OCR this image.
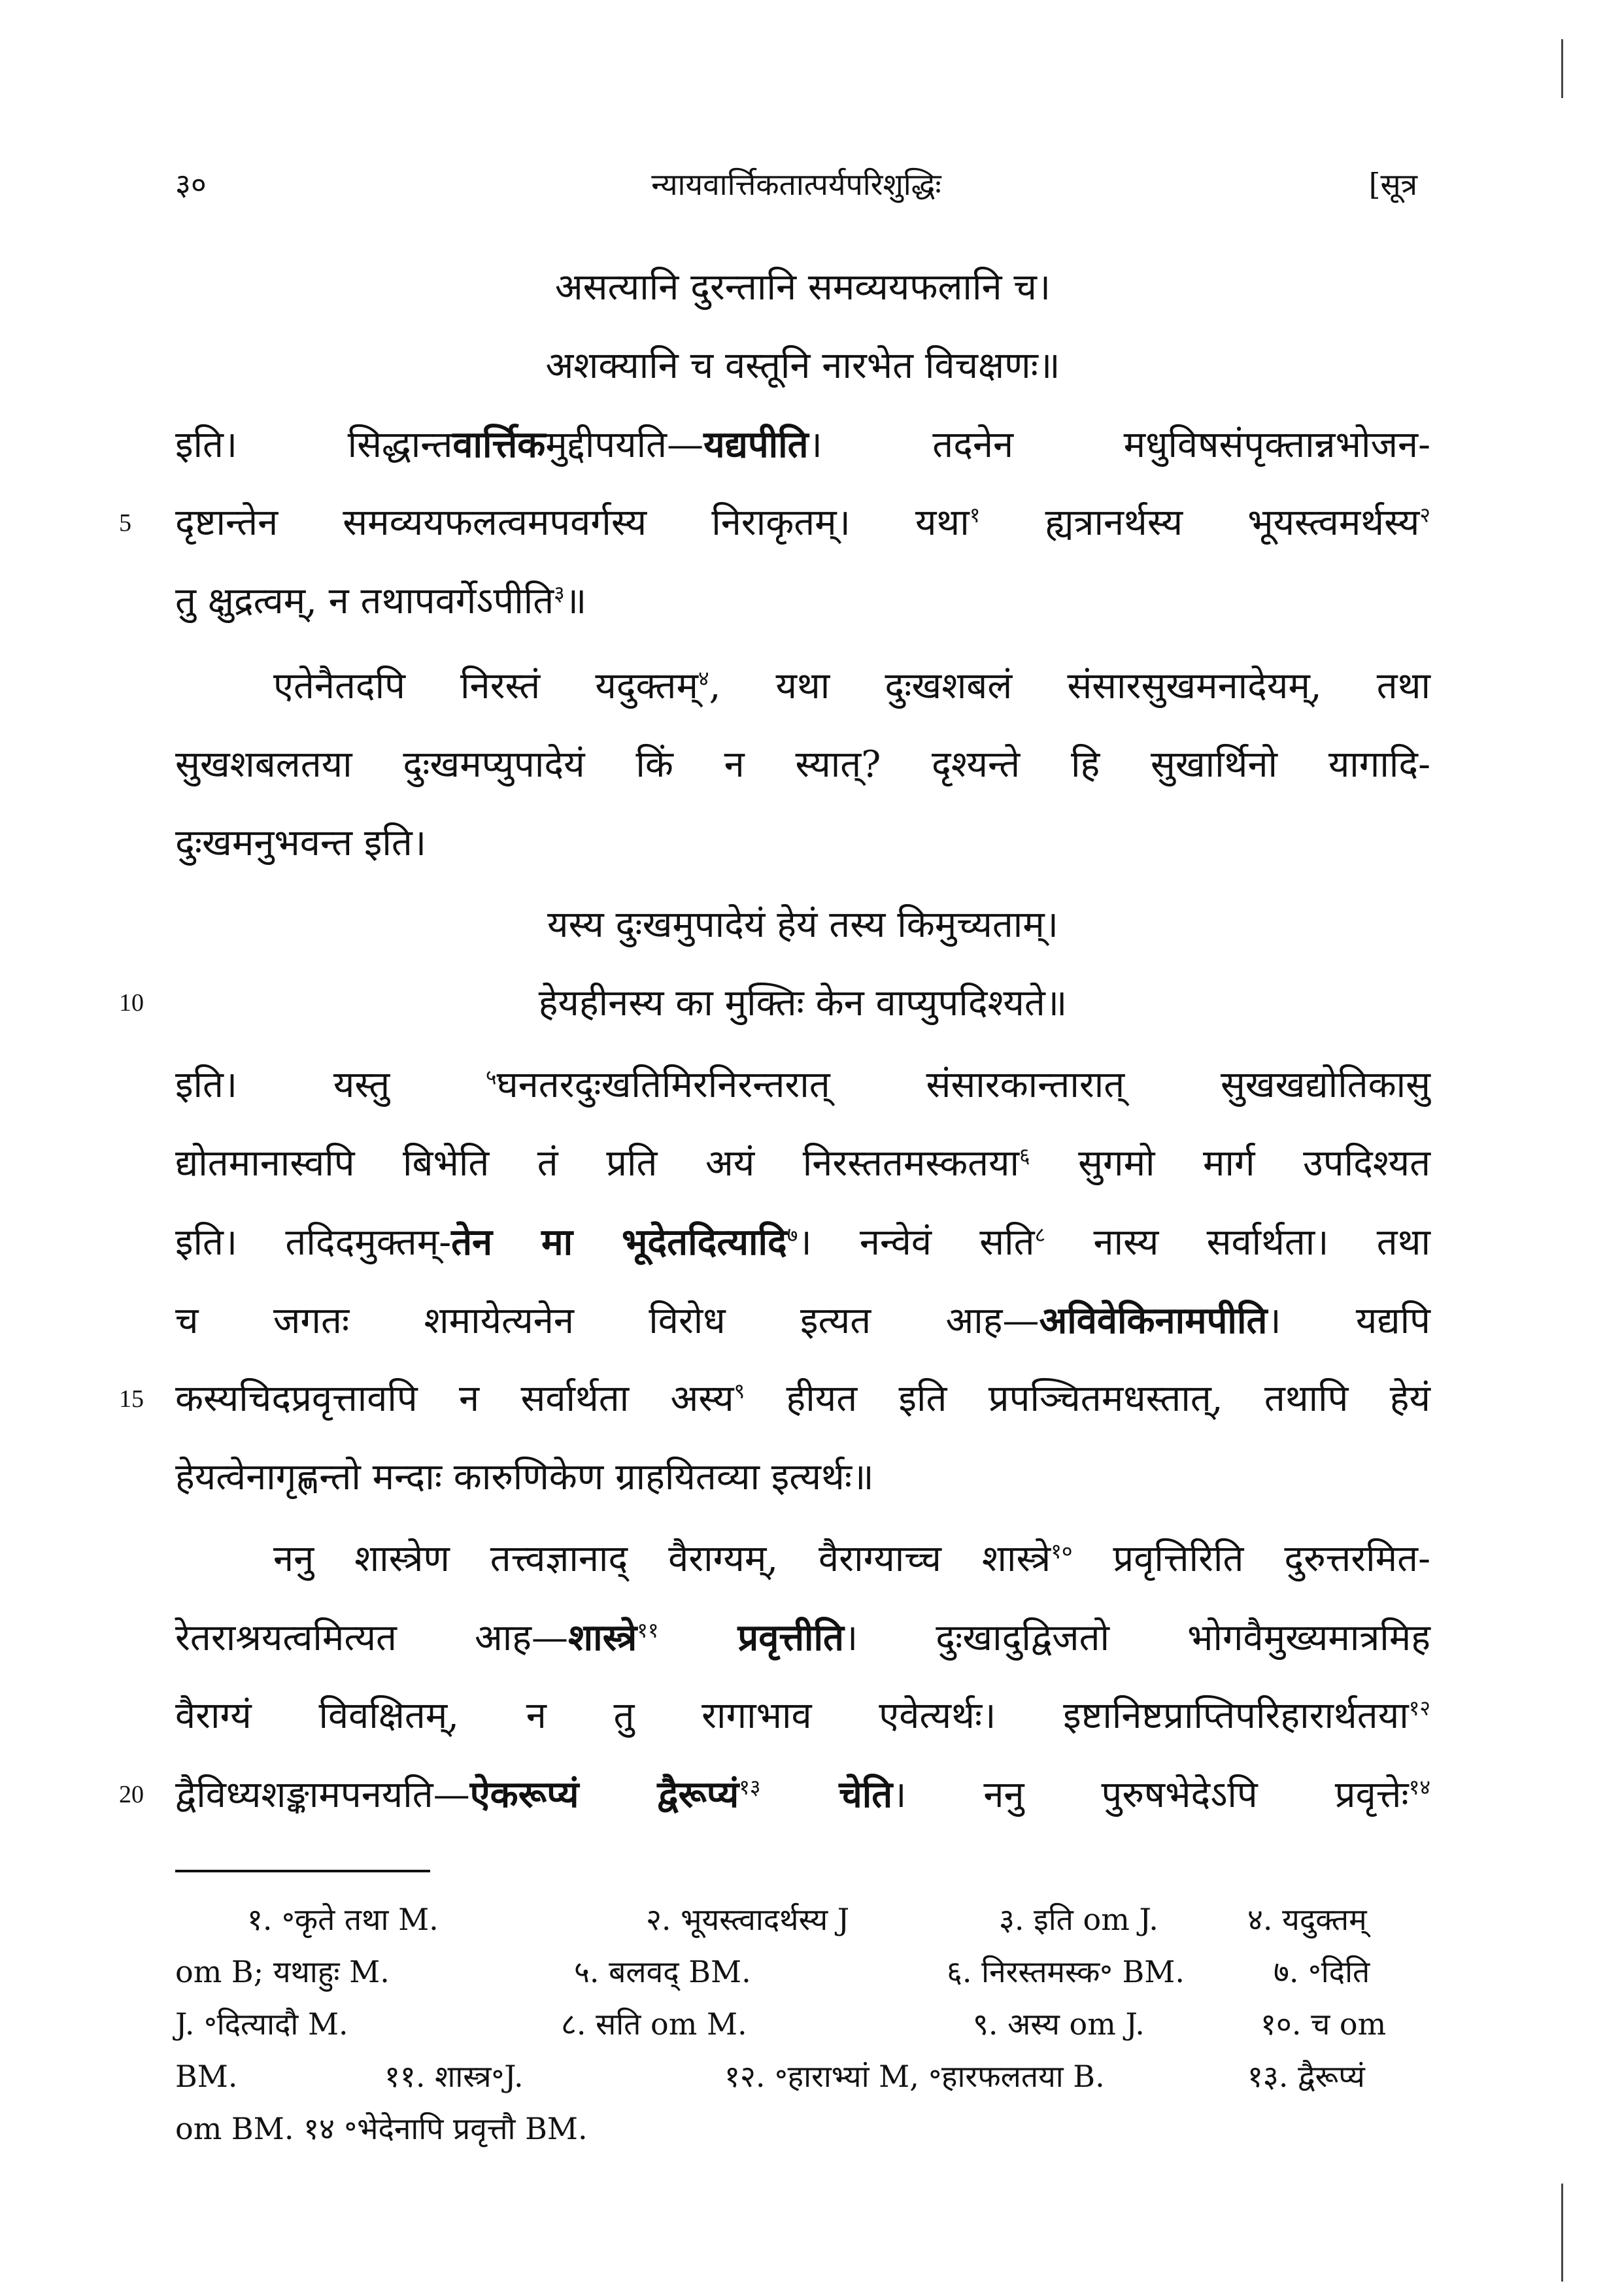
३०	न्यायवार्त्तिकतात्पर्यपरिशुद्धिः	[सूत्र
असत्यानि दुरन्तानि समव्ययफलानि च।
अशक्यानि च वस्तूनि नारभेत विचक्षणः॥
इति। सिद्धान्तवार्त्तिकमुद्दीपयति—यद्यपीति। तदनेन मधुविषसंपृक्तान्नभोजन-
दृष्टान्तेन समव्ययफलत्वमपवर्गस्य निराकृतम्। यथा$^१$ ह्यत्रानर्थस्य भूयस्त्वमर्थस्य$^२$
5
तु क्षुद्रत्वम्, न तथापवर्गेऽपीति$^३$॥
एतेनैतदपि निरस्तं यदुक्तम्$^४$, यथा दुःखशबलं संसारसुखमनादेयम्, तथा
सुखशबलतया दुःखमप्युपादेयं किं न स्यात्? दृश्यन्ते हि सुखार्थिनो यागादि-
दुःखमनुभवन्त इति।
यस्य दुःखमुपादेयं हेयं तस्य किमुच्यताम्।
10	हेयहीनस्य का मुक्तिः केन वाप्युपदिश्यते॥
इति। यस्तु $^५$घनतरदुःखतिमिरनिरन्तरात् संसारकान्तारात् सुखखद्योतिकासु
द्योतमानास्वपि बिभेति तं प्रति अयं निरस्ततमस्कतया$^६$ सुगमो मार्ग उपदिश्यत
इति। तदिदमुक्तम्-तेन मा भूदेतदित्यादि$^७$। नन्वेवं सति$^८$ नास्य सर्वार्थता। तथा
च जगतः शमायेत्यनेन विरोध इत्यत आह—अविवेकिनामपीति। यद्यपि
15 कस्यचिदप्रवृत्तावपि न सर्वार्थता अस्य$^९$ हीयत इति प्रपञ्चितमधस्तात्, तथापि हेयं
हेयत्वेनागृह्णन्तो मन्दाः कारुणिकेण ग्राहयितव्या इत्यर्थः॥
ननु शास्त्रेण तत्त्वज्ञानाद् वैराग्यम्, वैराग्याच्च शास्त्रे$^{१०}$ प्रवृत्तिरिति दुरुत्तरमित-
रेतराश्रयत्वमित्यत आह—शास्त्रे$^{११}$ प्रवृत्तीति। दुःखादुद्विजतो भोगवैमुख्यमात्रमिह
वैराग्यं विवक्षितम्, न तु रागाभाव एवेत्यर्थः। इष्टानिष्टप्राप्तिपरिहारार्थतया$^{१२}$
20 द्वैविध्यशङ्कामपनयति—ऐकरूप्यं द्वैरूप्यं$^{१३}$ चेति। ननु पुरुषभेदेऽपि प्रवृत्तेः$^{१४}$
१. ॰कृते तथा M.	२. भूयस्त्वादर्थस्य J	३. इति om J.	४. यदुक्तम्
om B; यथाहुः M.	५. बलवद् BM.	६. निरस्तमस्क॰ BM.	७. ॰दिति
J. ॰दित्यादौ M.	८. सति om M.	९. अस्य om J.	१०. च om
BM.	११. शास्त्र॰J.	१२. ॰हाराभ्यां M, ॰हारफलतया B.	१३. द्वैरूप्यं
om BM. १४ ॰भेदेनापि प्रवृत्तौ BM.
